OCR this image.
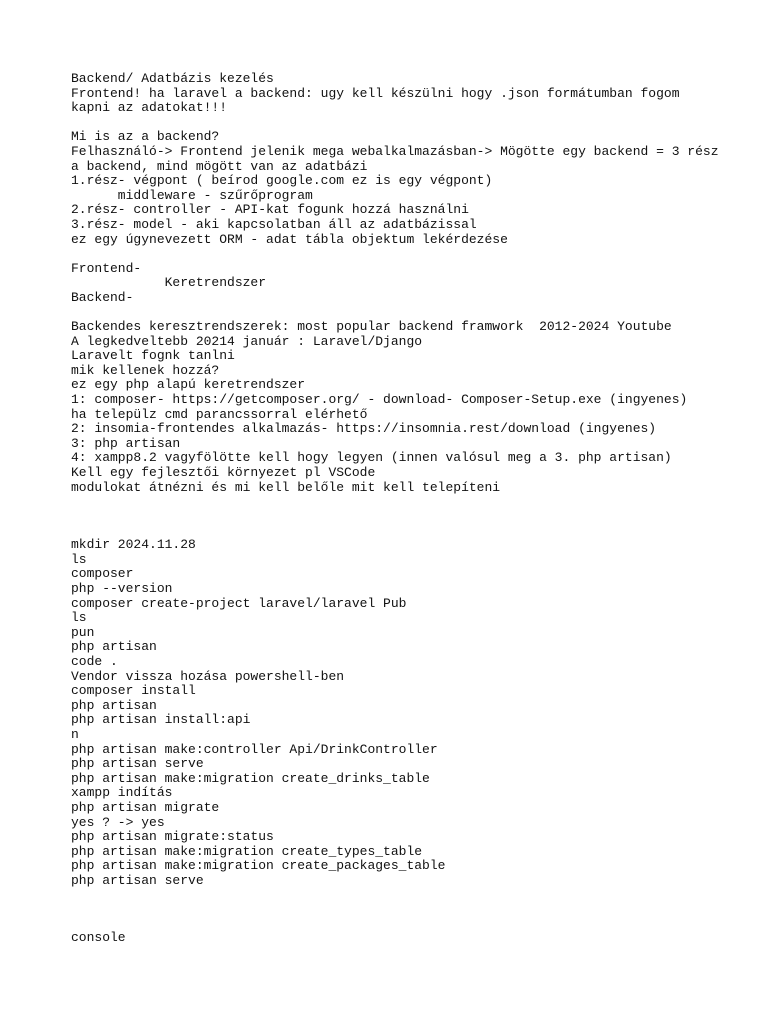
Backend/ Adatbázis kezelés
Frontend! ha laravel a backend: ugy kell készülni hogy .json formátumban fogom
kapni az adatokat!!!
Mi is az a backend?
Felhasználó-> Frontend jelenik mega webalkalmazásban-> Mögötte egy backend = 3 rész
a backend, mind mögött van az adatbázi
1.rész- végpont ( beírod google.com ez is egy végpont)
middleware - szűrőprogram
2.rész- controller - API-kat fogunk hozzá használni
3.rész- model - aki kapcsolatban áll az adatbázissal
ez egy úgynevezett ORM - adat tábla objektum lekérdezése
Frontend-
Keretrendszer
Backend-
Backendes keresztrendszerek: most popular backend framwork  2012-2024 Youtube
A legkedveltebb 20214 január : Laravel/Django
Laravelt fognk tanlni
mik kellenek hozzá?
ez egy php alapú keretrendszer
1: composer- https://getcomposer.org/ - download- Composer-Setup.exe (ingyenes)
ha települz cmd parancssorral elérhető
2: insomia-frontendes alkalmazás- https://insomnia.rest/download (ingyenes)
3: php artisan
4: xampp8.2 vagyfölötte kell hogy legyen (innen valósul meg a 3. php artisan)
Kell egy fejlesztői környezet pl VSCode
modulokat átnézni és mi kell belőle mit kell telepíteni
mkdir 2024.11.28
ls
composer
php --version
composer create-project laravel/laravel Pub
ls
pun
php artisan
code .
Vendor vissza hozása powershell-ben
composer install
php artisan
php artisan install:api
n
php artisan make:controller Api/DrinkController
php artisan serve
php artisan make:migration create_drinks_table
xampp indítás
php artisan migrate
yes ? -> yes
php artisan migrate:status
php artisan make:migration create_types_table
php artisan make:migration create_packages_table
php artisan serve
console
